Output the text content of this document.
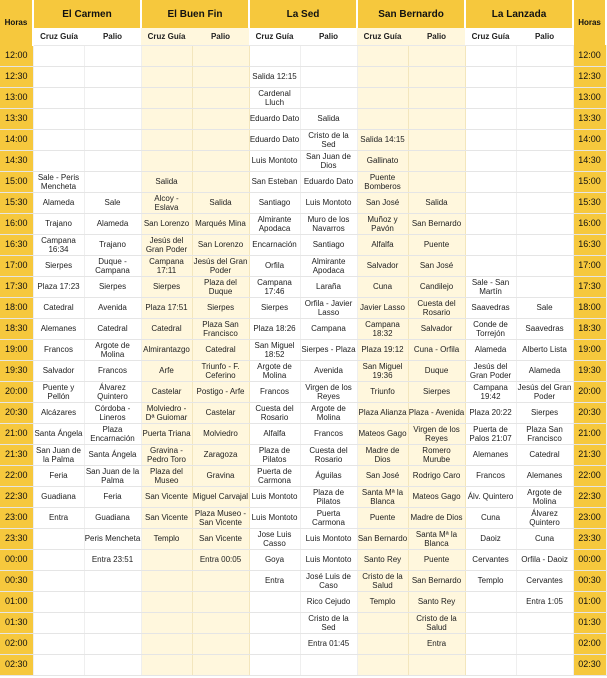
Horas	El Carmen		El Buen Fin		La Sed		San Bernardo		La Lanzada		Horas
	Cruz Guía	Palio	Cruz Guía	Palio	Cruz Guía	Palio	Cruz Guía	Palio	Cruz Guía	Palio	
12:00											12:00
12:30					Salida 12:15						12:30
13:00					Cardenal Lluch						13:00
13:30					Eduardo Dato	Salida					13:30
14:00					Eduardo Dato	Cristo de la Sed	Salida 14:15				14:00
14:30					Luis Montoto	San Juan de Dios	Gallinato				14:30
15:00	Sale - Peris Mencheta		Salida		San Esteban	Eduardo Dato	Puente Bomberos				15:00
15:30	Alameda	Sale	Alcoy - Eslava	Salida	Santiago	Luis Montoto	San José	Salida			15:30
16:00	Trajano	Alameda	San Lorenzo	Marqués Mina	Almirante Apodaca	Muro de los Navarros	Muñoz y Pavón	San Bernardo			16:00
16:30	Campana 16:34	Trajano	Jesús del Gran Poder	San Lorenzo	Encarnación	Santiago	Alfalfa	Puente			16:30
17:00	Sierpes	Duque - Campana	Campana 17:11	Jesús del Gran Poder	Orfila	Almirante Apodaca	Salvador	San José			17:00
17:30	Plaza 17:23	Sierpes	Sierpes	Plaza del Duque	Campana 17:46	Laraña	Cuna	Candilejo	Sale - San Martín		17:30
18:00	Catedral	Avenida	Plaza 17:51	Sierpes	Sierpes	Orfila - Javier Lasso	Javier Lasso	Cuesta del Rosario	Saavedras	Sale	18:00
18:30	Alemanes	Catedral	Catedral	Plaza San Francisco	Plaza 18:26	Campana	Campana 18:32	Salvador	Conde de Torrejón	Saavedras	18:30
19:00	Francos	Argote de Molina	Almirantazgo	Catedral	San Miguel 18:52	Sierpes - Plaza	Plaza 19:12	Cuna - Orfila	Alameda	Alberto Lista	19:00
19:30	Salvador	Francos	Arfe	Triunfo - F. Ceferino	Argote de Molina	Avenida	San Miguel 19:36	Duque	Jesús del Gran Poder	Alameda	19:30
20:00	Puente y Pellón	Álvarez Quintero	Castelar	Postigo - Arfe	Francos	Virgen de los Reyes	Triunfo	Sierpes	Campana 19:42	Jesús del Gran Poder	20:00
20:30	Alcázares	Córdoba - Lineros	Molviedro - Dª Guiomar	Castelar	Cuesta del Rosario	Argote de Molina	Plaza Alianza	Plaza - Avenida	Plaza 20:22	Sierpes	20:30
21:00	Santa Ángela	Plaza Encarnación	Puerta Triana	Molviedro	Alfalfa	Francos	Mateos Gago	Virgen de los Reyes	Puerta de Palos 21:07	Plaza San Francisco	21:00
21:30	San Juan de la Palma	Santa Ángela	Gravina - Pedro Toro	Zaragoza	Plaza de Pilatos	Cuesta del Rosario	Madre de Dios	Romero Murube	Alemanes	Catedral	21:30
22:00	Feria	San Juan de la Palma	Plaza del Museo	Gravina	Puerta de Carmona	Águilas	San José	Rodrigo Caro	Francos	Alemanes	22:00
22:30	Guadiana	Feria	San Vicente	Miguel Carvajal	Luis Montoto	Plaza de Pilatos	Santa Mª la Blanca	Mateos Gago	Álv. Quintero	Argote de Molina	22:30
23:00	Entra	Guadiana	San Vicente	Plaza Museo - San Vicente	Luis Montoto	Puerta Carmona	Puente	Madre de Dios	Cuna	Álvarez Quintero	23:00
23:30		Peris Mencheta	Templo	San Vicente	Jose Luis Casso	Luis Montoto	San Bernardo	Santa Mª la Blanca	Daoiz	Cuna	23:30
00:00		Entra 23:51		Entra 00:05	Goya	Luis Montoto	Santo Rey	Puente	Cervantes	Orfila - Daoiz	00:00
00:30					Entra	José Luis de Caso	Cristo de la Salud	San Bernardo	Templo	Cervantes	00:30
01:00						Rico Cejudo	Templo	Santo Rey		Entra 1:05	01:00
01:30						Cristo de la Sed		Cristo de la Salud			01:30
02:00						Entra 01:45		Entra			02:00
02:30											02:30
